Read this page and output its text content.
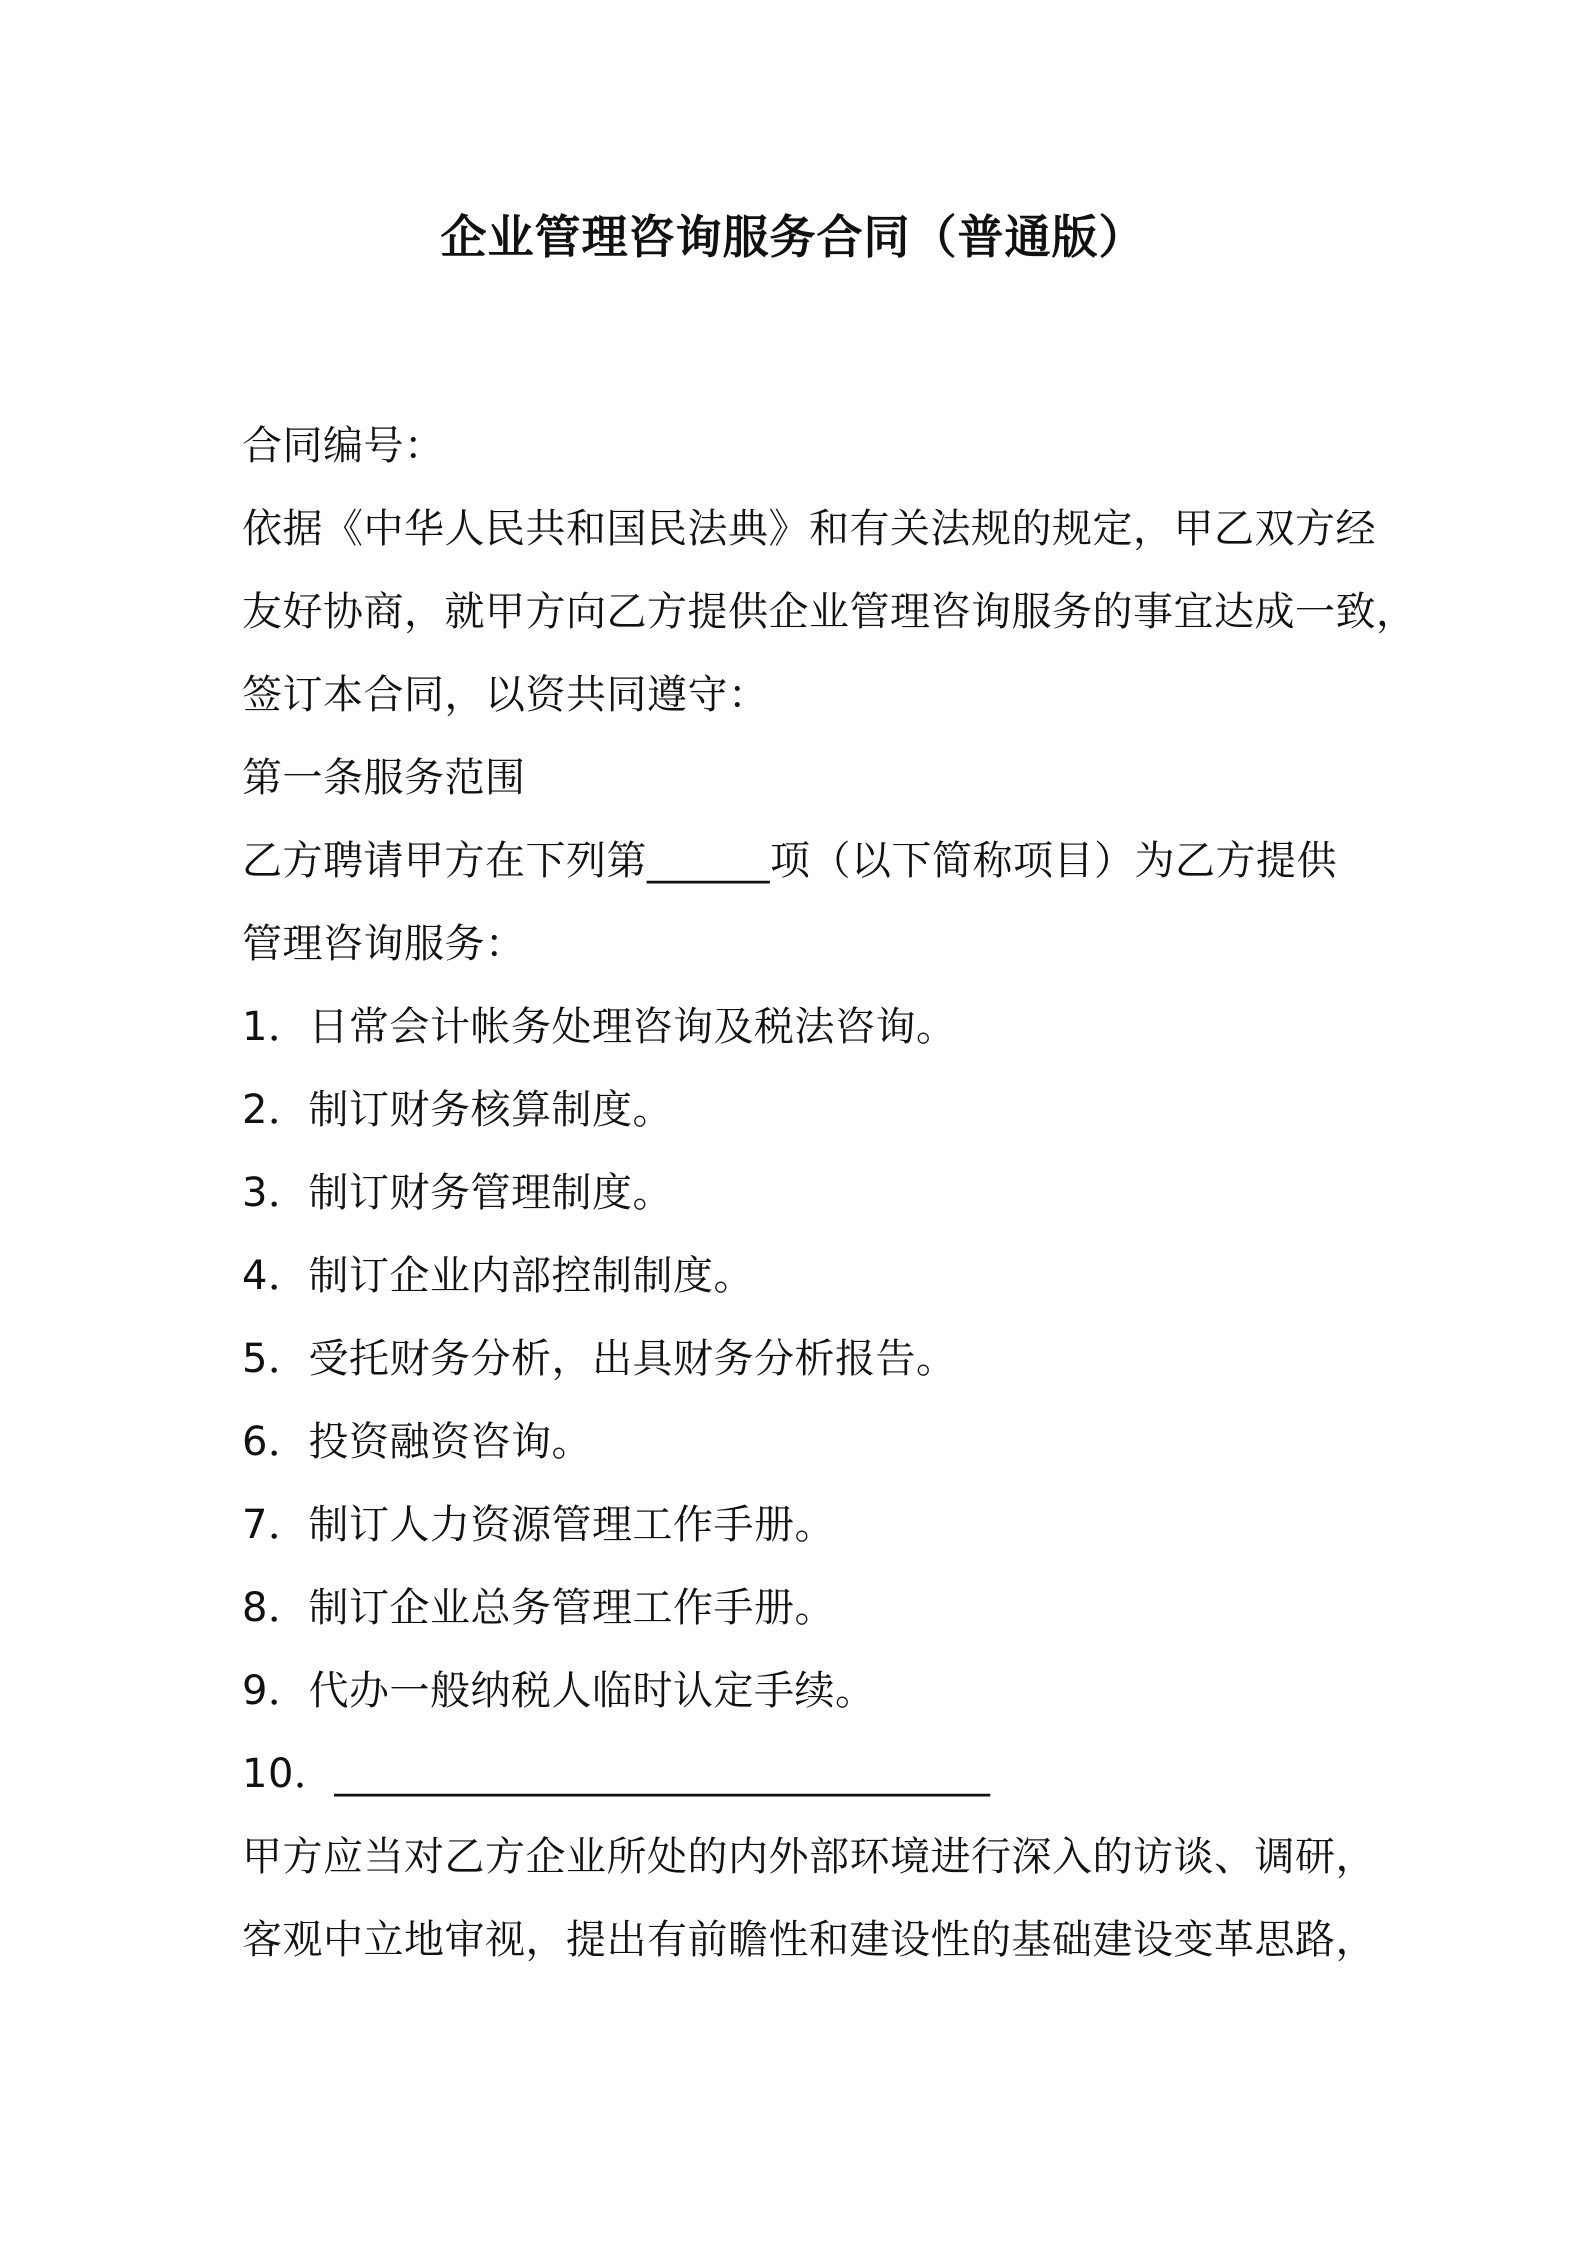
企业管理咨询服务合同（普通版）
合同编号：
依据《中华人民共和国民法典》和有关法规的规定，甲乙双方经
友好协商，就甲方向乙方提供企业管理咨询服务的事宜达成一致，
签订本合同，以资共同遵守：
第一条服务范围
乙方聘请甲方在下列第______项（以下简称项目）为乙方提供
管理咨询服务：
1．日常会计帐务处理咨询及税法咨询。
2．制订财务核算制度。
3．制订财务管理制度。
4．制订企业内部控制制度。
5．受托财务分析，出具财务分析报告。
6．投资融资咨询。
7．制订人力资源管理工作手册。
8．制订企业总务管理工作手册。
9．代办一般纳税人临时认定手续。
10．________________________________
甲方应当对乙方企业所处的内外部环境进行深入的访谈、调研，
客观中立地审视，提出有前瞻性和建设性的基础建设变革思路，
